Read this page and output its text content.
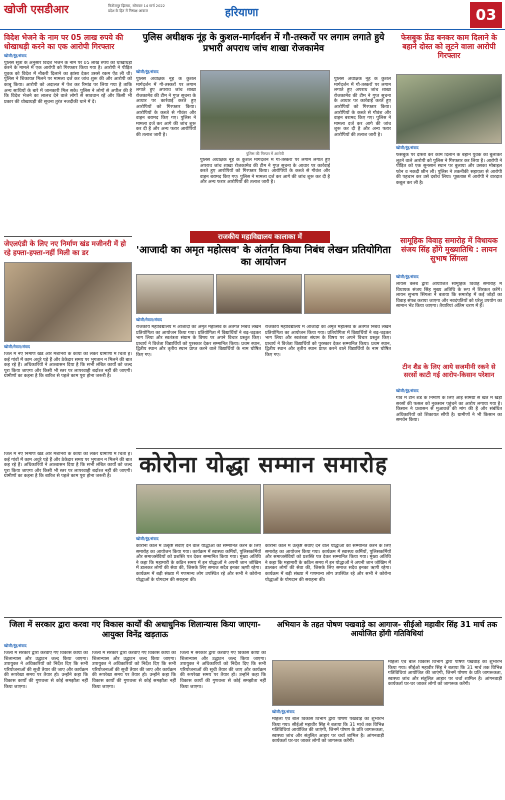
खोजी एसडीआर	फिरोजपुर झिरका, सोमवार 14 मार्च 2022
प्रदेश के हित में निष्पक्ष आवाज	हरियाणा	03
विदेश भेजने के नाम पर 05 लाख रुपये की धोखाधड़ी करने का एक आरोपी गिरफ्तार
खोजी/नूंह/संवाद
पुलिस सूत्रों के अनुसार विदेश भेजने के नाम पर 05 लाख रुपये की धोखाधड़ी करने के मामले में एक आरोपी को गिरफ्तार किया गया है। आरोपी ने पीड़ित युवक को विदेश में नौकरी दिलाने का झांसा देकर उससे रकम ऐंठ ली थी। पुलिस ने शिकायत मिलने पर मामला दर्ज कर जांच शुरू की और आरोपी को काबू किया। आरोपी को अदालत में पेश कर रिमांड पर लिया गया है ताकि अन्य साथियों के बारे में जानकारी मिल सके। पुलिस ने लोगों से अपील की है कि विदेश भेजने का लालच देने वाले लोगों से सावधान रहें और किसी भी प्रकार की धोखाधड़ी की सूचना तुरंत नजदीकी थाने में दें।
जेएलएंडी के लिए नए निर्माण खंड मजीनरी में हो रहे हफ्ता-हफ्ता-नहीं मिली का डर
खोजी/मेवात/संवाद
जिले में नए निर्माण खंड और मशीनरी के कार्यों को लेकर ग्रामीणों में चिंता है। कई गांवों में काम अधूरे पड़े हैं और ठेकेदार समय पर भुगतान न मिलने की बात कह रहे हैं। अधिकारियों ने आश्वासन दिया है कि सभी लंबित कार्यों को जल्द पूरा किया जाएगा और किसी भी स्तर पर लापरवाही बर्दाश्त नहीं की जाएगी। ग्रामीणों का कहना है कि बारिश से पहले काम पूरा होना जरूरी है।
पुलिस अधीक्षक नूंह के कुशल-मार्गदर्शन में गौ-तस्करों पर लगाम लगाते हुये प्रभारी अपराध जांच शाखा रोजकामेव
खोजी/नूंह/संवाद
पुलिस अधीक्षक नूंह के कुशल मार्गदर्शन में गौ-तस्करों पर लगाम लगाते हुए अपराध जांच शाखा रोजकामेव की टीम ने गुप्त सूचना के आधार पर कार्रवाई करते हुए आरोपियों को गिरफ्तार किया। आरोपियों के कब्जे से गौवंश और वाहन बरामद किए गए। पुलिस ने मामला दर्ज कर आगे की जांच शुरू कर दी है और अन्य फरार आरोपियों की तलाश जारी है।
पुलिस की गिरफ्त में आरोपी
पुलिस अधीक्षक नूंह के कुशल मार्गदर्शन में गौ-तस्करों पर लगाम लगाते हुए अपराध जांच शाखा रोजकामेव की टीम ने गुप्त सूचना के आधार पर कार्रवाई करते हुए आरोपियों को गिरफ्तार किया। आरोपियों के कब्जे से गौवंश और वाहन बरामद किए गए। पुलिस ने मामला दर्ज कर आगे की जांच शुरू कर दी है और अन्य फरार आरोपियों की तलाश जारी है।
पुलिस अधीक्षक नूंह के कुशल मार्गदर्शन में गौ-तस्करों पर लगाम लगाते हुए अपराध जांच शाखा रोजकामेव की टीम ने गुप्त सूचना के आधार पर कार्रवाई करते हुए आरोपियों को गिरफ्तार किया। आरोपियों के कब्जे से गौवंश और वाहन बरामद किए गए। पुलिस ने मामला दर्ज कर आगे की जांच शुरू कर दी है और अन्य फरार आरोपियों की तलाश जारी है।
फेसबुक फ्रेंड बनकर काम दिलाने के बहाने दोस्त को लूटने वाला आरोपी गिरफ्तार
खोजी/नूंह/संवाद
फेसबुक पर दोस्ती कर काम दिलाने के बहाने युवक को बुलाकर लूटने वाले आरोपी को पुलिस ने गिरफ्तार कर लिया है। आरोपी ने पीड़ित को एक सुनसान स्थान पर बुलाया और उसका मोबाइल फोन व नकदी छीन ली। पुलिस ने तकनीकी सहायता से आरोपी की पहचान कर उसे दबोच लिया। पूछताछ में आरोपी ने वारदात कबूल कर ली है।
राजकीय महाविद्यालय कालाका में
'आजादी का अमृत महोत्सव' के अंतर्गत किया निबंध लेखन प्रतियोगिता का आयोजन
खोजी/मेवात/संवाद
राजकीय महाविद्यालय में आजादी का अमृत महोत्सव के अंतर्गत निबंध लेखन प्रतियोगिता का आयोजन किया गया। प्रतियोगिता में विद्यार्थियों ने बढ़-चढ़कर भाग लिया और स्वतंत्रता संग्राम के विषय पर अपने विचार प्रस्तुत किए। प्राचार्य ने विजेता विद्यार्थियों को पुरस्कार देकर सम्मानित किया। प्रथम स्थान, द्वितीय स्थान और तृतीय स्थान प्राप्त करने वाले विद्यार्थियों के नाम घोषित किए गए।
राजकीय महाविद्यालय में आजादी का अमृत महोत्सव के अंतर्गत निबंध लेखन प्रतियोगिता का आयोजन किया गया। प्रतियोगिता में विद्यार्थियों ने बढ़-चढ़कर भाग लिया और स्वतंत्रता संग्राम के विषय पर अपने विचार प्रस्तुत किए। प्राचार्य ने विजेता विद्यार्थियों को पुरस्कार देकर सम्मानित किया। प्रथम स्थान, द्वितीय स्थान और तृतीय स्थान प्राप्त करने वाले विद्यार्थियों के नाम घोषित किए गए।
सामूहिक विवाह समारोह में विधायक संजय सिंह होंगे मुख्यातिथि : लायन सुभाष सिंगला
खोजी/नूंह/संवाद
लायंस क्लब द्वारा आयोजित सामूहिक विवाह समारोह में विधायक संजय सिंह मुख्य अतिथि के रूप में शिरकत करेंगे। लायन सुभाष सिंगला ने बताया कि समारोह में कई जोड़ों का विवाह संपन्न कराया जाएगा और नवदंपतियों को घरेलू उपयोग का सामान भेंट किया जाएगा। तैयारियां अंतिम चरण में हैं।
टीन शैड के लिए आये सजमीनी रकने से सरसों काटी गई आरोप-किसान परेशान
खोजी/नूंह/संवाद
गांव में टीन शैड के निर्माण के लिए आई सामग्री से खेत में खड़ी सरसों की फसल को नुकसान पहुंचने का आरोप लगाया गया है। किसान ने प्रशासन से मुआवजे की मांग की है और संबंधित अधिकारियों को शिकायत सौंपी है। ग्रामीणों ने भी किसान का समर्थन किया।
कोरोना योद्धा सम्मान समारोह
खोजी/नूंह/संवाद
कोरोना काल में उत्कृष्ट सेवाएं देने वाले योद्धाओं को सम्मानित करने के लिए समारोह का आयोजन किया गया। कार्यक्रम में स्वास्थ्य कर्मियों, पुलिसकर्मियों और समाजसेवियों को प्रशस्ति पत्र देकर सम्मानित किया गया। मुख्य अतिथि ने कहा कि महामारी के कठिन समय में इन योद्धाओं ने अपनी जान जोखिम में डालकर लोगों की सेवा की, जिसके लिए समाज सदैव इनका ऋणी रहेगा। कार्यक्रम में बड़ी संख्या में गणमान्य लोग उपस्थित रहे और सभी ने कोरोना योद्धाओं के योगदान की सराहना की।
कोरोना काल में उत्कृष्ट सेवाएं देने वाले योद्धाओं को सम्मानित करने के लिए समारोह का आयोजन किया गया। कार्यक्रम में स्वास्थ्य कर्मियों, पुलिसकर्मियों और समाजसेवियों को प्रशस्ति पत्र देकर सम्मानित किया गया। मुख्य अतिथि ने कहा कि महामारी के कठिन समय में इन योद्धाओं ने अपनी जान जोखिम में डालकर लोगों की सेवा की, जिसके लिए समाज सदैव इनका ऋणी रहेगा। कार्यक्रम में बड़ी संख्या में गणमान्य लोग उपस्थित रहे और सभी ने कोरोना योद्धाओं के योगदान की सराहना की।
जिले में नए निर्माण खंड और मशीनरी के कार्यों को लेकर ग्रामीणों में चिंता है। कई गांवों में काम अधूरे पड़े हैं और ठेकेदार समय पर भुगतान न मिलने की बात कह रहे हैं। अधिकारियों ने आश्वासन दिया है कि सभी लंबित कार्यों को जल्द पूरा किया जाएगा और किसी भी स्तर पर लापरवाही बर्दाश्त नहीं की जाएगी। ग्रामीणों का कहना है कि बारिश से पहले काम पूरा होना जरूरी है।
जिला में सरकार द्वारा करवा गए विकास कार्यों की अधाधुनिक शिलान्यास किया जाएगा-आयुक्त विनेंद्र खड़ताऊ
खोजी/नूंह/संवाद
जिला में सरकार द्वारा करवाए गए विकास कार्यों का शिलान्यास और उद्घाटन जल्द किया जाएगा। उपायुक्त ने अधिकारियों को निर्देश दिए कि सभी परियोजनाओं की सूची तैयार की जाए और कार्यक्रम की रूपरेखा समय पर तैयार हो। उन्होंने कहा कि विकास कार्यों की गुणवत्ता से कोई समझौता नहीं किया जाएगा।
जिला में सरकार द्वारा करवाए गए विकास कार्यों का शिलान्यास और उद्घाटन जल्द किया जाएगा। उपायुक्त ने अधिकारियों को निर्देश दिए कि सभी परियोजनाओं की सूची तैयार की जाए और कार्यक्रम की रूपरेखा समय पर तैयार हो। उन्होंने कहा कि विकास कार्यों की गुणवत्ता से कोई समझौता नहीं किया जाएगा।
जिला में सरकार द्वारा करवाए गए विकास कार्यों का शिलान्यास और उद्घाटन जल्द किया जाएगा। उपायुक्त ने अधिकारियों को निर्देश दिए कि सभी परियोजनाओं की सूची तैयार की जाए और कार्यक्रम की रूपरेखा समय पर तैयार हो। उन्होंने कहा कि विकास कार्यों की गुणवत्ता से कोई समझौता नहीं किया जाएगा।
अभियान के तहत पोषण पखवाड़े का आगाज- सीईओ महावीर सिंह 31 मार्च तक आयोजित होंगी गतिविधियां
खोजी/नूंह/संवाद
महिला एवं बाल विकास विभाग द्वारा पोषण पखवाड़े का शुभारंभ किया गया। सीईओ महावीर सिंह ने बताया कि 31 मार्च तक विभिन्न गतिविधियां आयोजित की जाएंगी, जिनमें पोषण के प्रति जागरूकता, स्वास्थ्य जांच और संतुलित आहार पर चर्चा शामिल है। आंगनवाड़ी कार्यकर्ता घर-घर जाकर लोगों को जागरूक करेंगी।
महिला एवं बाल विकास विभाग द्वारा पोषण पखवाड़े का शुभारंभ किया गया। सीईओ महावीर सिंह ने बताया कि 31 मार्च तक विभिन्न गतिविधियां आयोजित की जाएंगी, जिनमें पोषण के प्रति जागरूकता, स्वास्थ्य जांच और संतुलित आहार पर चर्चा शामिल है। आंगनवाड़ी कार्यकर्ता घर-घर जाकर लोगों को जागरूक करेंगी।
